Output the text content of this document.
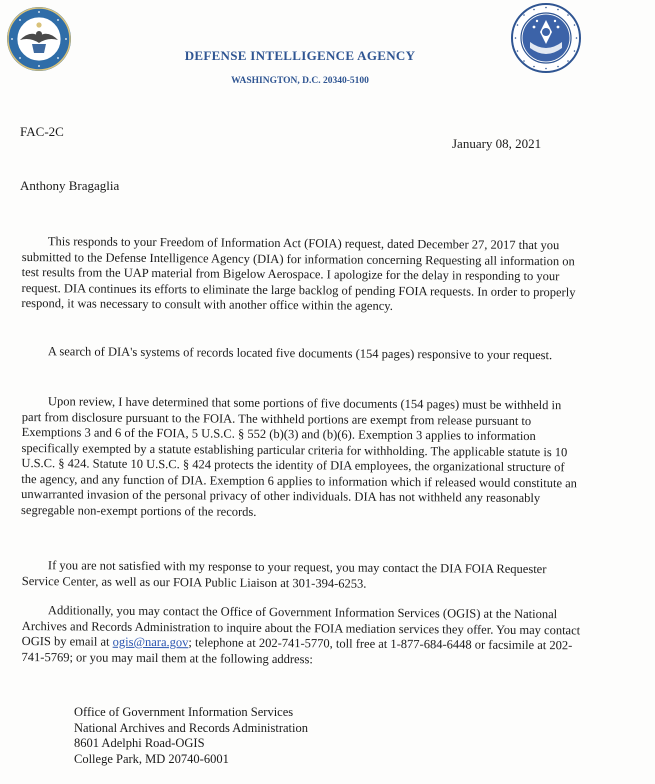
DEFENSE INTELLIGENCE AGENCY
WASHINGTON, D.C. 20340-5100
FAC-2C
January 08, 2021
Anthony Bragaglia

This responds to your Freedom of Information Act (FOIA) request, dated December 27, 2017 that you submitted to the Defense Intelligence Agency (DIA) for information concerning Requesting all information on test results from the UAP material from Bigelow Aerospace. I apologize for the delay in responding to your request. DIA continues its efforts to eliminate the large backlog of pending FOIA requests. In order to properly respond, it was necessary to consult with another office within the agency.

A search of DIA's systems of records located five documents (154 pages) responsive to your request.

Upon review, I have determined that some portions of five documents (154 pages) must be withheld in part from disclosure pursuant to the FOIA. The withheld portions are exempt from release pursuant to Exemptions 3 and 6 of the FOIA, 5 U.S.C. § 552 (b)(3) and (b)(6). Exemption 3 applies to information specifically exempted by a statute establishing particular criteria for withholding. The applicable statute is 10 U.S.C. § 424. Statute 10 U.S.C. § 424 protects the identity of DIA employees, the organizational structure of the agency, and any function of DIA. Exemption 6 applies to information which if released would constitute an unwarranted invasion of the personal privacy of other individuals. DIA has not withheld any reasonably segregable non-exempt portions of the records.

If you are not satisfied with my response to your request, you may contact the DIA FOIA Requester Service Center, as well as our FOIA Public Liaison at 301-394-6253.

Additionally, you may contact the Office of Government Information Services (OGIS) at the National Archives and Records Administration to inquire about the FOIA mediation services they offer. You may contact OGIS by email at ogis@nara.gov; telephone at 202-741-5770, toll free at 1-877-684-6448 or facsimile at 202-741-5769; or you may mail them at the following address:

Office of Government Information Services
National Archives and Records Administration
8601 Adelphi Road-OGIS
College Park, MD 20740-6001
